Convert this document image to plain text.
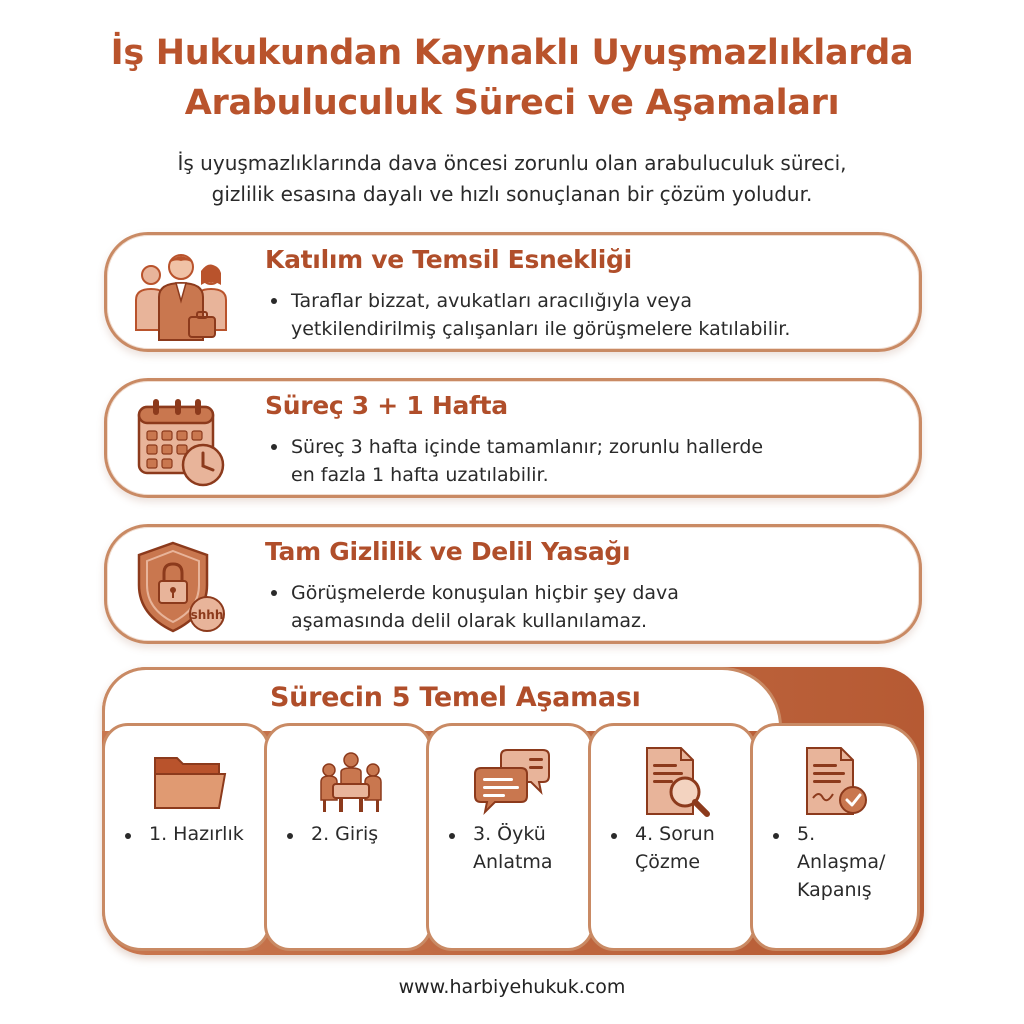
İş Hukukundan Kaynaklı Uyuşmazlıklarda
Arabuluculuk Süreci ve Aşamaları
İş uyuşmazlıklarında dava öncesi zorunlu olan arabuluculuk süreci,
gizlilik esasına dayalı ve hızlı sonuçlanan bir çözüm yoludur.
Katılım ve Temsil Esnekliği
Taraflar bizzat, avukatları aracılığıyla veya
yetkilendirilmiş çalışanları ile görüşmelere katılabilir.
Süreç 3 + 1 Hafta
Süreç 3 hafta içinde tamamlanır; zorunlu hallerde
en fazla 1 hafta uzatılabilir.
shhh
Tam Gizlilik ve Delil Yasağı
Görüşmelerde konuşulan hiçbir şey dava
aşamasında delil olarak kullanılamaz.
Sürecin 5 Temel Aşaması
1. Hazırlık	2. Giriş	3. Öykü
Anlatma
4. Sorun
Çözme
5.
Anlaşma/
Kapanış
www.harbiyehukuk.com
